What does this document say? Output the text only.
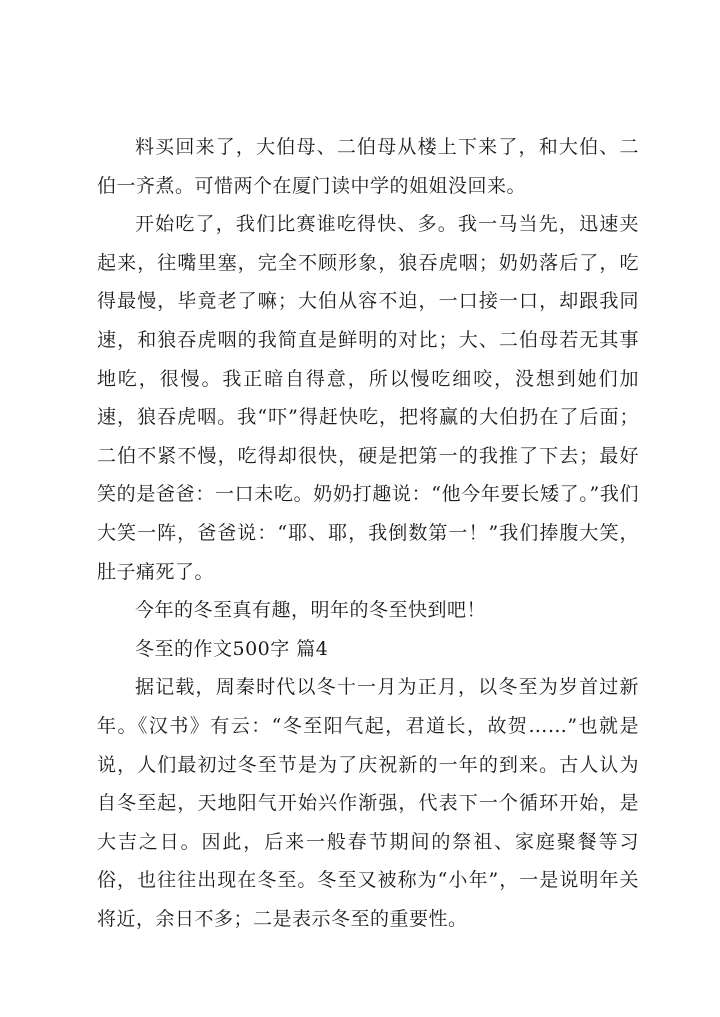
料买回来了，大伯母、二伯母从楼上下来了，和大伯、二伯一齐煮。可惜两个在厦门读中学的姐姐没回来。

开始吃了，我们比赛谁吃得快、多。我一马当先，迅速夹起来，往嘴里塞，完全不顾形象，狼吞虎咽；奶奶落后了，吃得最慢，毕竟老了嘛；大伯从容不迫，一口接一口，却跟我同速，和狼吞虎咽的我简直是鲜明的对比；大、二伯母若无其事地吃，很慢。我正暗自得意，所以慢吃细咬，没想到她们加速，狼吞虎咽。我“吓”得赶快吃，把将赢的大伯扔在了后面；二伯不紧不慢，吃得却很快，硬是把第一的我推了下去；最好笑的是爸爸：一口未吃。奶奶打趣说：“他今年要长矮了。”我们大笑一阵，爸爸说：“耶、耶，我倒数第一！”我们捧腹大笑，肚子痛死了。

今年的冬至真有趣，明年的冬至快到吧！

冬至的作文500字 篇4

据记载，周秦时代以冬十一月为正月，以冬至为岁首过新年。《汉书》有云：“冬至阳气起，君道长，故贺……”也就是说，人们最初过冬至节是为了庆祝新的一年的到来。古人认为自冬至起，天地阳气开始兴作渐强，代表下一个循环开始，是大吉之日。因此，后来一般春节期间的祭祖、家庭聚餐等习俗，也往往出现在冬至。冬至又被称为“小年”，一是说明年关将近，余日不多；二是表示冬至的重要性。
